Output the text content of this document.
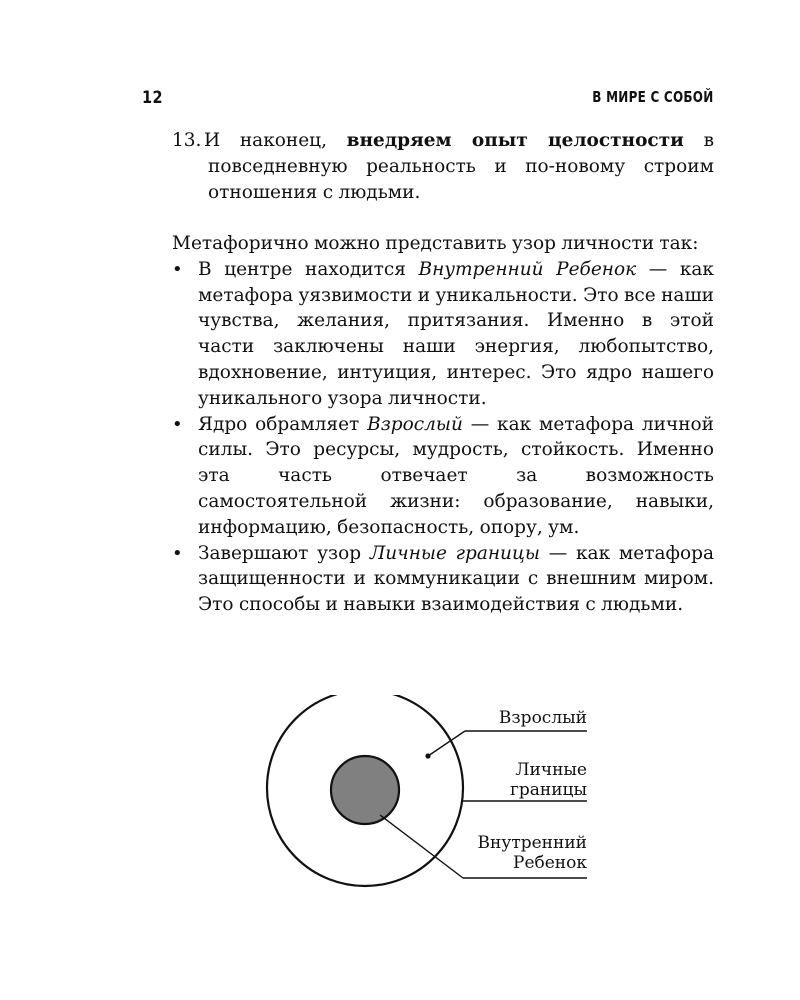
12	В МИРЕ С СОБОЙ

13. И наконец, внедряем опыт целостности в повседневную реальность и по-новому строим отношения с людьми.

Метафорично можно представить узор личности так:

• В центре находится Внутренний Ребенок — как метафора уязвимости и уникальности. Это все наши чувства, желания, притязания. Именно в этой части заключены наши энергия, любопытство, вдохновение, интуиция, интерес. Это ядро нашего уникального узора личности.
• Ядро обрамляет Взрослый — как метафора личной силы. Это ресурсы, мудрость, стойкость. Именно эта часть отвечает за возможность самостоятельной жизни: образование, навыки, информацию, безопасность, опору, ум.
• Завершают узор Личные границы — как метафора защищенности и коммуникации с внешним миром. Это способы и навыки взаимодействия с людьми.
Взрослый
Личные
границы
Внутренний
Ребенок
